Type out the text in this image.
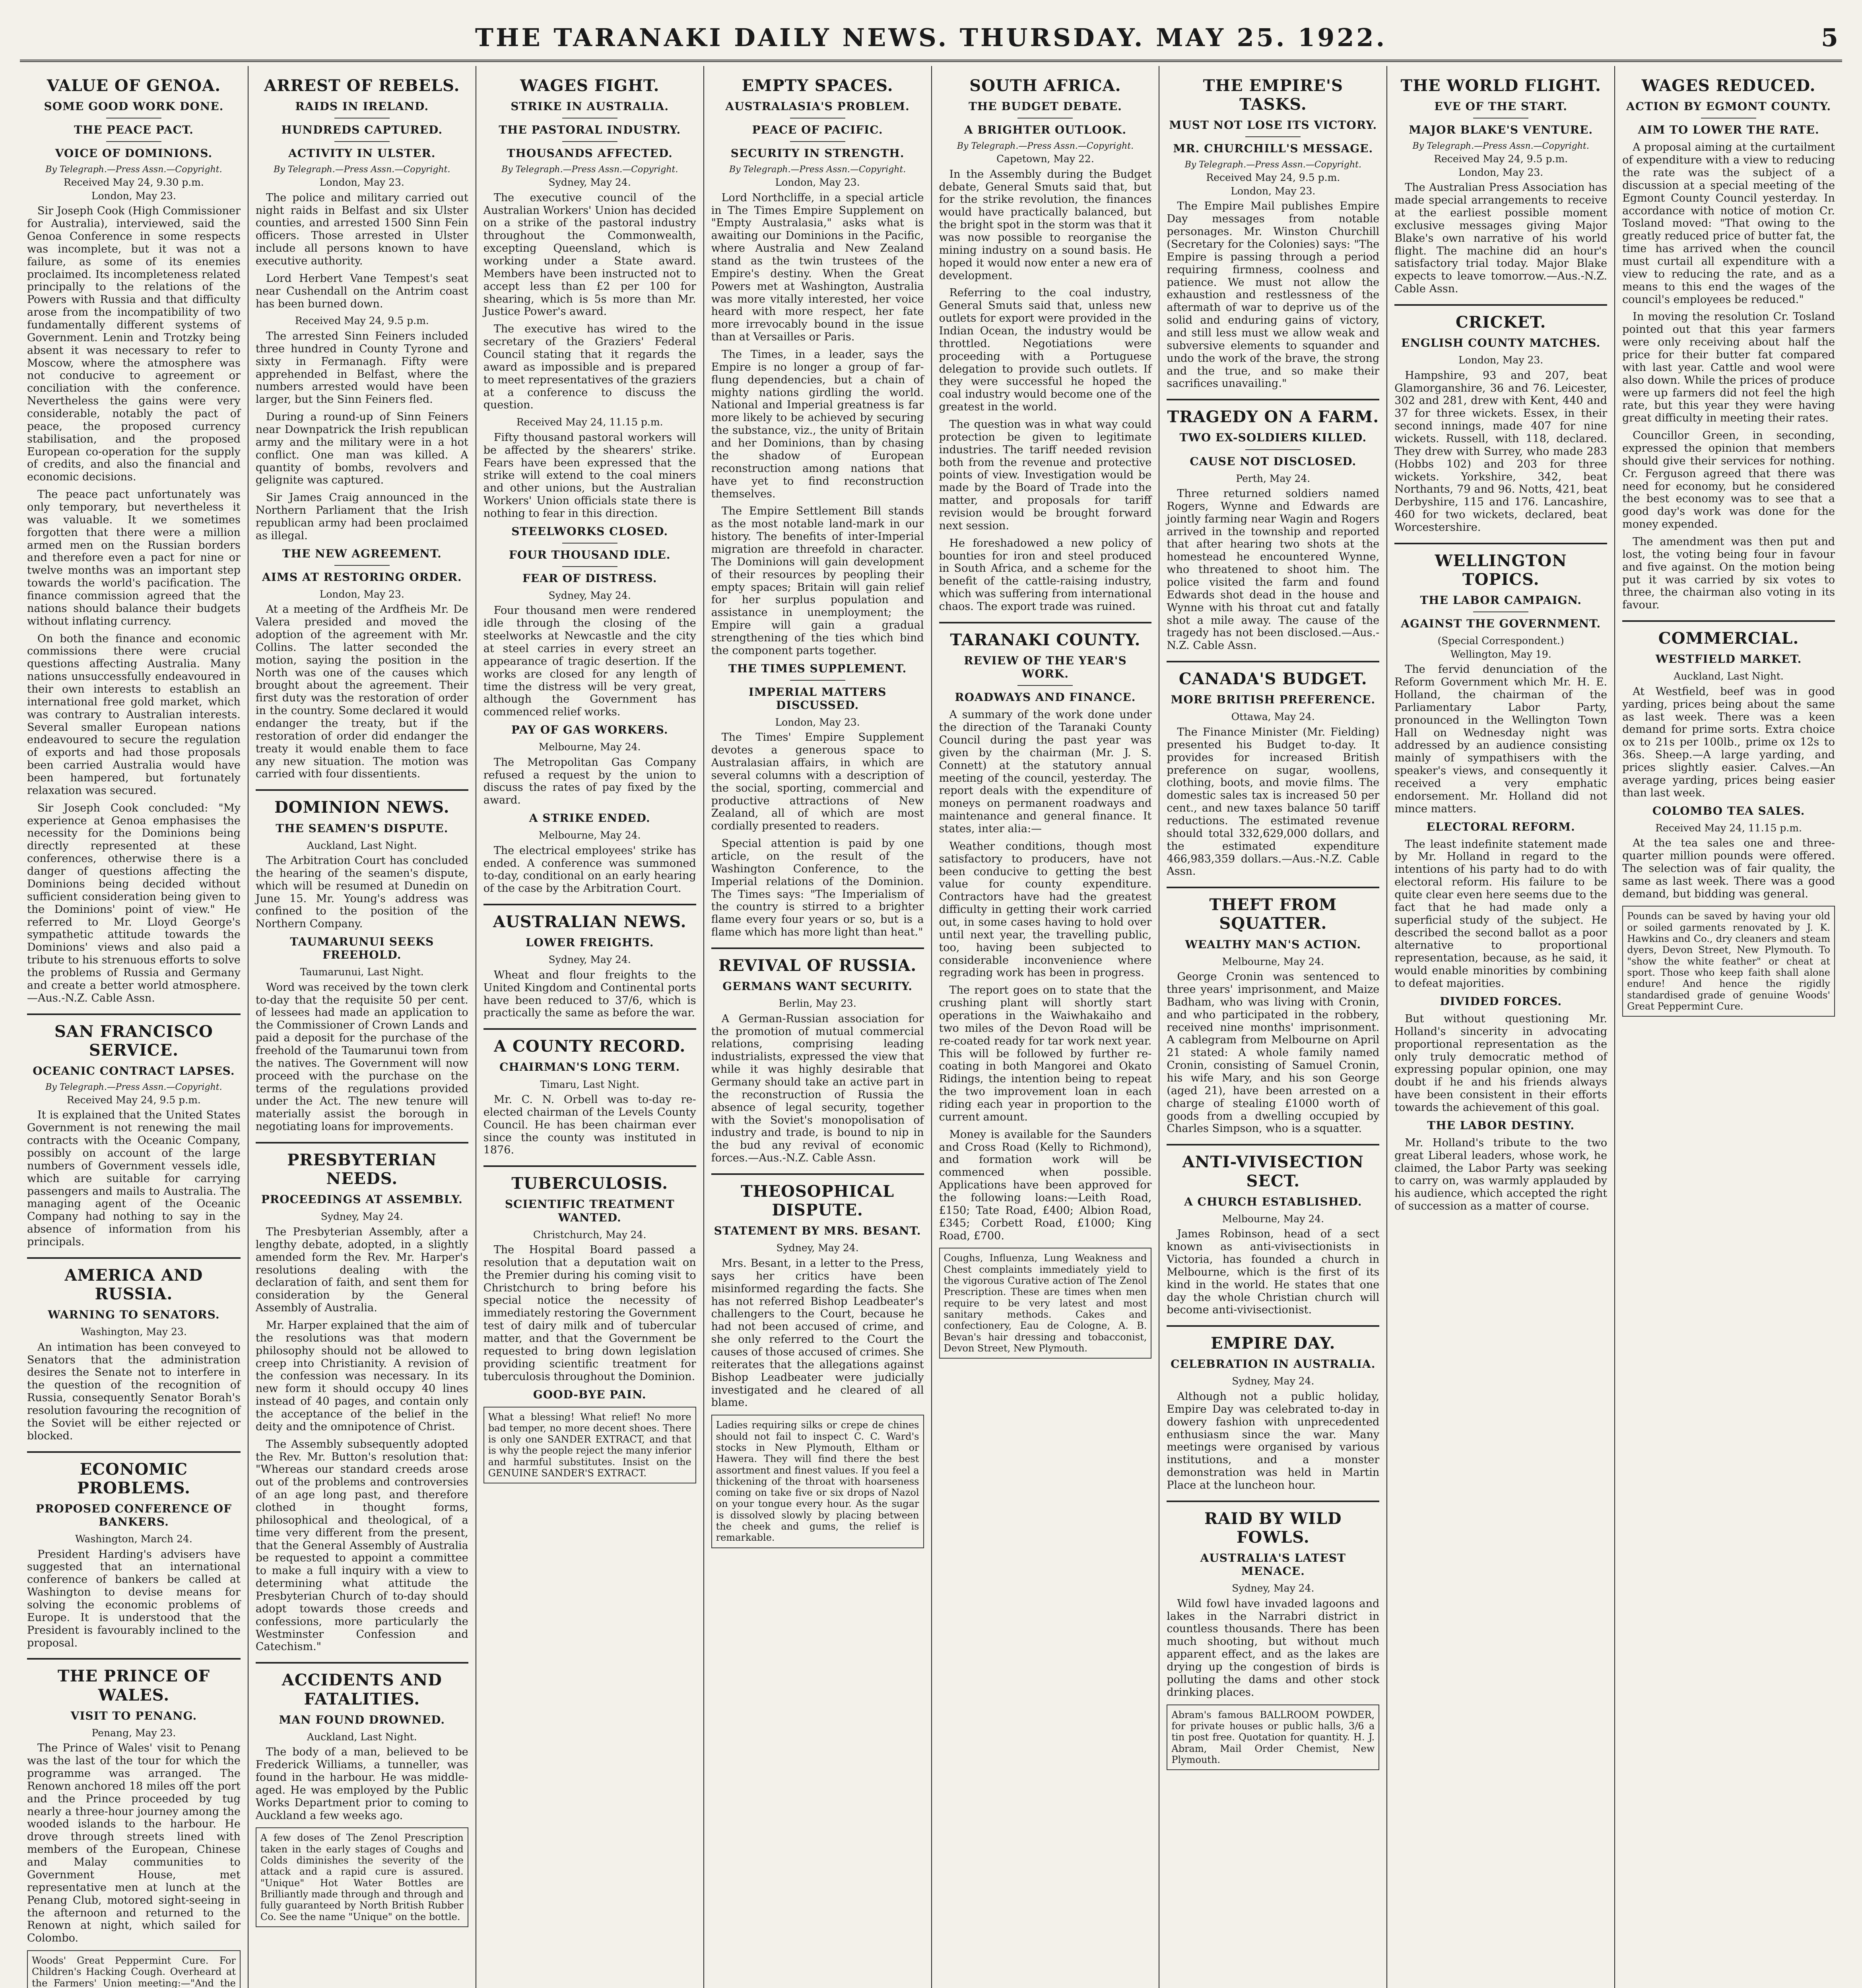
THE TARANAKI DAILY NEWS. THURSDAY. MAY 25. 1922.	5
VALUE OF GENOA.
SOME GOOD WORK DONE.
THE PEACE PACT.
VOICE OF DOMINIONS.
By Telegraph.—Press Assn.—Copyright.
Received May 24, 9.30 p.m.
London, May 23.
Sir Joseph Cook (High Commissioner for Australia), interviewed, said the Genoa Conference in some respects was incomplete, but it was not a failure, as some of its enemies proclaimed. Its incompleteness related principally to the relations of the Powers with Russia and that difficulty arose from the incompatibility of two fundamentally different systems of Government. Lenin and Trotzky being absent it was necessary to refer to Moscow, where the atmosphere was not conducive to agreement or conciliation with the conference. Nevertheless the gains were very considerable, notably the pact of peace, the proposed currency stabilisation, and the proposed European co-operation for the supply of credits, and also the financial and economic decisions.
The peace pact unfortunately was only temporary, but nevertheless it was valuable. It we sometimes forgotten that there were a million armed men on the Russian borders and therefore even a pact for nine or twelve months was an important step towards the world's pacification. The finance commission agreed that the nations should balance their budgets without inflating currency.
On both the finance and economic commissions there were crucial questions affecting Australia. Many nations unsuccessfully endeavoured in their own interests to establish an international free gold market, which was contrary to Australian interests. Several smaller European nations endeavoured to secure the regulation of exports and had those proposals been carried Australia would have been hampered, but fortunately relaxation was secured.
Sir Joseph Cook concluded: "My experience at Genoa emphasises the necessity for the Dominions being directly represented at these conferences, otherwise there is a danger of questions affecting the Dominions being decided without sufficient consideration being given to the Dominions' point of view." He referred to Mr. Lloyd George's sympathetic attitude towards the Dominions' views and also paid a tribute to his strenuous efforts to solve the problems of Russia and Germany and create a better world atmosphere.—Aus.-N.Z. Cable Assn.
SAN FRANCISCO SERVICE.
OCEANIC CONTRACT LAPSES.
By Telegraph.—Press Assn.—Copyright.
Received May 24, 9.5 p.m.
It is explained that the United States Government is not renewing the mail contracts with the Oceanic Company, possibly on account of the large numbers of Government vessels idle, which are suitable for carrying passengers and mails to Australia. The managing agent of the Oceanic Company had nothing to say in the absence of information from his principals.
AMERICA AND RUSSIA.
WARNING TO SENATORS.
Washington, May 23.
An intimation has been conveyed to Senators that the administration desires the Senate not to interfere in the question of the recognition of Russia, consequently Senator Borah's resolution favouring the recognition of the Soviet will be either rejected or blocked.
ECONOMIC PROBLEMS.
PROPOSED CONFERENCE OF BANKERS.
Washington, March 24.
President Harding's advisers have suggested that an international conference of bankers be called at Washington to devise means for solving the economic problems of Europe. It is understood that the President is favourably inclined to the proposal.
THE PRINCE OF WALES.
VISIT TO PENANG.
Penang, May 23.
The Prince of Wales' visit to Penang was the last of the tour for which the programme was arranged. The Renown anchored 18 miles off the port and the Prince proceeded by tug nearly a three-hour journey among the wooded islands to the harbour. He drove through streets lined with members of the European, Chinese and Malay communities to Government House, met representative men at lunch at the Penang Club, motored sight-seeing in the afternoon and returned to the Renown at night, which sailed for Colombo.
Woods' Great Peppermint Cure. For Children's Hacking Cough. Overheard at the Farmers' Union meeting:—"And the
ARREST OF REBELS.
RAIDS IN IRELAND.
HUNDREDS CAPTURED.
ACTIVITY IN ULSTER.
By Telegraph.—Press Assn.—Copyright.
London, May 23.
The police and military carried out night raids in Belfast and six Ulster counties, and arrested 1500 Sinn Fein officers. Those arrested in Ulster include all persons known to have executive authority.
Lord Herbert Vane Tempest's seat near Cushendall on the Antrim coast has been burned down.
Received May 24, 9.5 p.m.
The arrested Sinn Feiners included three hundred in County Tyrone and sixty in Fermanagh. Fifty were apprehended in Belfast, where the numbers arrested would have been larger, but the Sinn Feiners fled.
During a round-up of Sinn Feiners near Downpatrick the Irish republican army and the military were in a hot conflict. One man was killed. A quantity of bombs, revolvers and gelignite was captured.
Sir James Craig announced in the Northern Parliament that the Irish republican army had been proclaimed as illegal.
THE NEW AGREEMENT.
AIMS AT RESTORING ORDER.
London, May 23.
At a meeting of the Ardfheis Mr. De Valera presided and moved the adoption of the agreement with Mr. Collins. The latter seconded the motion, saying the position in the North was one of the causes which brought about the agreement. Their first duty was the restoration of order in the country. Some declared it would endanger the treaty, but if the restoration of order did endanger the treaty it would enable them to face any new situation. The motion was carried with four dissentients.
DOMINION NEWS.
THE SEAMEN'S DISPUTE.
Auckland, Last Night.
The Arbitration Court has concluded the hearing of the seamen's dispute, which will be resumed at Dunedin on June 15. Mr. Young's address was confined to the position of the Northern Company.
TAUMARUNUI SEEKS FREEHOLD.
Taumarunui, Last Night.
Word was received by the town clerk to-day that the requisite 50 per cent. of lessees had made an application to the Commissioner of Crown Lands and paid a deposit for the purchase of the freehold of the Taumarunui town from the natives. The Government will now proceed with the purchase on the terms of the regulations provided under the Act. The new tenure will materially assist the borough in negotiating loans for improvements.
PRESBYTERIAN NEEDS.
PROCEEDINGS AT ASSEMBLY.
Sydney, May 24.
The Presbyterian Assembly, after a lengthy debate, adopted, in a slightly amended form the Rev. Mr. Harper's resolutions dealing with the declaration of faith, and sent them for consideration by the General Assembly of Australia.
Mr. Harper explained that the aim of the resolutions was that modern philosophy should not be allowed to creep into Christianity. A revision of the confession was necessary. In its new form it should occupy 40 lines instead of 40 pages, and contain only the acceptance of the belief in the deity and the omnipotence of Christ.
The Assembly subsequently adopted the Rev. Mr. Button's resolution that: "Whereas our standard creeds arose out of the problems and controversies of an age long past, and therefore clothed in thought forms, philosophical and theological, of a time very different from the present, that the General Assembly of Australia be requested to appoint a committee to make a full inquiry with a view to determining what attitude the Presbyterian Church of to-day should adopt towards those creeds and confessions, more particularly the Westminster Confession and Catechism."
ACCIDENTS AND FATALITIES.
MAN FOUND DROWNED.
Auckland, Last Night.
The body of a man, believed to be Frederick Williams, a tunneller, was found in the harbour. He was middle-aged. He was employed by the Public Works Department prior to coming to Auckland a few weeks ago.
A few doses of The Zenol Prescription taken in the early stages of Coughs and Colds diminishes the severity of the attack and a rapid cure is assured. "Unique" Hot Water Bottles are Brilliantly made through and through and fully guaranteed by North British Rubber Co. See the name "Unique" on the bottle.
WAGES FIGHT.
STRIKE IN AUSTRALIA.
THE PASTORAL INDUSTRY.
THOUSANDS AFFECTED.
By Telegraph.—Press Assn.—Copyright.
Sydney, May 24.
The executive council of the Australian Workers' Union has decided on a strike of the pastoral industry throughout the Commonwealth, excepting Queensland, which is working under a State award. Members have been instructed not to accept less than £2 per 100 for shearing, which is 5s more than Mr. Justice Power's award.
The executive has wired to the secretary of the Graziers' Federal Council stating that it regards the award as impossible and is prepared to meet representatives of the graziers at a conference to discuss the question.
Received May 24, 11.15 p.m.
Fifty thousand pastoral workers will be affected by the shearers' strike. Fears have been expressed that the strike will extend to the coal miners and other unions, but the Australian Workers' Union officials state there is nothing to fear in this direction.
STEELWORKS CLOSED.
FOUR THOUSAND IDLE.
FEAR OF DISTRESS.
Sydney, May 24.
Four thousand men were rendered idle through the closing of the steelworks at Newcastle and the city at steel carries in every street an appearance of tragic desertion. If the works are closed for any length of time the distress will be very great, although the Government has commenced relief works.
PAY OF GAS WORKERS.
Melbourne, May 24.
The Metropolitan Gas Company refused a request by the union to discuss the rates of pay fixed by the award.
A STRIKE ENDED.
Melbourne, May 24.
The electrical employees' strike has ended. A conference was summoned to-day, conditional on an early hearing of the case by the Arbitration Court.
AUSTRALIAN NEWS.
LOWER FREIGHTS.
Sydney, May 24.
Wheat and flour freights to the United Kingdom and Continental ports have been reduced to 37/6, which is practically the same as before the war.
A COUNTY RECORD.
CHAIRMAN'S LONG TERM.
Timaru, Last Night.
Mr. C. N. Orbell was to-day re-elected chairman of the Levels County Council. He has been chairman ever since the county was instituted in 1876.
TUBERCULOSIS.
SCIENTIFIC TREATMENT WANTED.
Christchurch, May 24.
The Hospital Board passed a resolution that a deputation wait on the Premier during his coming visit to Christchurch to bring before his special notice the necessity of immediately restoring the Government test of dairy milk and of tubercular matter, and that the Government be requested to bring down legislation providing scientific treatment for tuberculosis throughout the Dominion.
GOOD-BYE PAIN.
What a blessing! What relief! No more bad temper, no more decent shoes. There is only one SANDER EXTRACT, and that is why the people reject the many inferior and harmful substitutes. Insist on the GENUINE SANDER'S EXTRACT.
EMPTY SPACES.
AUSTRALASIA'S PROBLEM.
PEACE OF PACIFIC.
SECURITY IN STRENGTH.
By Telegraph.—Press Assn.—Copyright.
London, May 23.
Lord Northcliffe, in a special article in The Times Empire Supplement on "Empty Australasia," asks what is awaiting our Dominions in the Pacific, where Australia and New Zealand stand as the twin trustees of the Empire's destiny. When the Great Powers met at Washington, Australia was more vitally interested, her voice heard with more respect, her fate more irrevocably bound in the issue than at Versailles or Paris.
The Times, in a leader, says the Empire is no longer a group of far-flung dependencies, but a chain of mighty nations girdling the world. National and Imperial greatness is far more likely to be achieved by securing the substance, viz., the unity of Britain and her Dominions, than by chasing the shadow of European reconstruction among nations that have yet to find reconstruction themselves.
The Empire Settlement Bill stands as the most notable land-mark in our history. The benefits of inter-Imperial migration are threefold in character. The Dominions will gain development of their resources by peopling their empty spaces; Britain will gain relief for her surplus population and assistance in unemployment; the Empire will gain a gradual strengthening of the ties which bind the component parts together.
THE TIMES SUPPLEMENT.
IMPERIAL MATTERS DISCUSSED.
London, May 23.
The Times' Empire Supplement devotes a generous space to Australasian affairs, in which are several columns with a description of the social, sporting, commercial and productive attractions of New Zealand, all of which are most cordially presented to readers.
Special attention is paid by one article, on the result of the Washington Conference, to the Imperial relations of the Dominion. The Times says: "The Imperialism of the country is stirred to a brighter flame every four years or so, but is a flame which has more light than heat."
REVIVAL OF RUSSIA.
GERMANS WANT SECURITY.
Berlin, May 23.
A German-Russian association for the promotion of mutual commercial relations, comprising leading industrialists, expressed the view that while it was highly desirable that Germany should take an active part in the reconstruction of Russia the absence of legal security, together with the Soviet's monopolisation of industry and trade, is bound to nip in the bud any revival of economic forces.—Aus.-N.Z. Cable Assn.
THEOSOPHICAL DISPUTE.
STATEMENT BY MRS. BESANT.
Sydney, May 24.
Mrs. Besant, in a letter to the Press, says her critics have been misinformed regarding the facts. She has not referred Bishop Leadbeater's challengers to the Court, because he had not been accused of crime, and she only referred to the Court the causes of those accused of crimes. She reiterates that the allegations against Bishop Leadbeater were judicially investigated and he cleared of all blame.
Ladies requiring silks or crepe de chines should not fail to inspect C. C. Ward's stocks in New Plymouth, Eltham or Hawera. They will find there the best assortment and finest values. If you feel a thickening of the throat with hoarseness coming on take five or six drops of Nazol on your tongue every hour. As the sugar is dissolved slowly by placing between the cheek and gums, the relief is remarkable.
SOUTH AFRICA.
THE BUDGET DEBATE.
A BRIGHTER OUTLOOK.
By Telegraph.—Press Assn.—Copyright.
Capetown, May 22.
In the Assembly during the Budget debate, General Smuts said that, but for the strike revolution, the finances would have practically balanced, but the bright spot in the storm was that it was now possible to reorganise the mining industry on a sound basis. He hoped it would now enter a new era of development.
Referring to the coal industry, General Smuts said that, unless new outlets for export were provided in the Indian Ocean, the industry would be throttled. Negotiations were proceeding with a Portuguese delegation to provide such outlets. If they were successful he hoped the coal industry would become one of the greatest in the world.
The question was in what way could protection be given to legitimate industries. The tariff needed revision both from the revenue and protective points of view. Investigation would be made by the Board of Trade into the matter, and proposals for tariff revision would be brought forward next session.
He foreshadowed a new policy of bounties for iron and steel produced in South Africa, and a scheme for the benefit of the cattle-raising industry, which was suffering from international chaos. The export trade was ruined.
TARANAKI COUNTY.
REVIEW OF THE YEAR'S WORK.
ROADWAYS AND FINANCE.
A summary of the work done under the direction of the Taranaki County Council during the past year was given by the chairman (Mr. J. S. Connett) at the statutory annual meeting of the council, yesterday. The report deals with the expenditure of moneys on permanent roadways and maintenance and general finance. It states, inter alia:—
Weather conditions, though most satisfactory to producers, have not been conducive to getting the best value for county expenditure. Contractors have had the greatest difficulty in getting their work carried out, in some cases having to hold over until next year, the travelling public, too, having been subjected to considerable inconvenience where regrading work has been in progress.
The report goes on to state that the crushing plant will shortly start operations in the Waiwhakaiho and two miles of the Devon Road will be re-coated ready for tar work next year. This will be followed by further re-coating in both Mangorei and Okato Ridings, the intention being to repeat the two improvement loan in each riding each year in proportion to the current amount.
Money is available for the Saunders and Cross Road (Kelly to Richmond), and formation work will be commenced when possible. Applications have been approved for the following loans:—Leith Road, £150; Tate Road, £400; Albion Road, £345; Corbett Road, £1000; King Road, £700.
Coughs, Influenza, Lung Weakness and Chest complaints immediately yield to the vigorous Curative action of The Zenol Prescription. These are times when men require to be very latest and most sanitary methods. Cakes and confectionery, Eau de Cologne, A. B. Bevan's hair dressing and tobacconist, Devon Street, New Plymouth.
THE EMPIRE'S TASKS.
MUST NOT LOSE ITS VICTORY.
MR. CHURCHILL'S MESSAGE.
By Telegraph.—Press Assn.—Copyright.
Received May 24, 9.5 p.m.
London, May 23.
The Empire Mail publishes Empire Day messages from notable personages. Mr. Winston Churchill (Secretary for the Colonies) says: "The Empire is passing through a period requiring firmness, coolness and patience. We must not allow the exhaustion and restlessness of the aftermath of war to deprive us of the solid and enduring gains of victory, and still less must we allow weak and subversive elements to squander and undo the work of the brave, the strong and the true, and so make their sacrifices unavailing."
TRAGEDY ON A FARM.
TWO EX-SOLDIERS KILLED.
CAUSE NOT DISCLOSED.
Perth, May 24.
Three returned soldiers named Rogers, Wynne and Edwards are jointly farming near Wagin and Rogers arrived in the township and reported that after hearing two shots at the homestead he encountered Wynne, who threatened to shoot him. The police visited the farm and found Edwards shot dead in the house and Wynne with his throat cut and fatally shot a mile away. The cause of the tragedy has not been disclosed.—Aus.-N.Z. Cable Assn.
CANADA'S BUDGET.
MORE BRITISH PREFERENCE.
Ottawa, May 24.
The Finance Minister (Mr. Fielding) presented his Budget to-day. It provides for increased British preference on sugar, woollens, clothing, boots, and movie films. The domestic sales tax is increased 50 per cent., and new taxes balance 50 tariff reductions. The estimated revenue should total 332,629,000 dollars, and the estimated expenditure 466,983,359 dollars.—Aus.-N.Z. Cable Assn.
THEFT FROM SQUATTER.
WEALTHY MAN'S ACTION.
Melbourne, May 24.
George Cronin was sentenced to three years' imprisonment, and Maize Badham, who was living with Cronin, and who participated in the robbery, received nine months' imprisonment. A cablegram from Melbourne on April 21 stated: A whole family named Cronin, consisting of Samuel Cronin, his wife Mary, and his son George (aged 21), have been arrested on a charge of stealing £1000 worth of goods from a dwelling occupied by Charles Simpson, who is a squatter.
ANTI-VIVISECTION SECT.
A CHURCH ESTABLISHED.
Melbourne, May 24.
James Robinson, head of a sect known as anti-vivisectionists in Victoria, has founded a church in Melbourne, which is the first of its kind in the world. He states that one day the whole Christian church will become anti-vivisectionist.
EMPIRE DAY.
CELEBRATION IN AUSTRALIA.
Sydney, May 24.
Although not a public holiday, Empire Day was celebrated to-day in dowery fashion with unprecedented enthusiasm since the war. Many meetings were organised by various institutions, and a monster demonstration was held in Martin Place at the luncheon hour.
RAID BY WILD FOWLS.
AUSTRALIA'S LATEST MENACE.
Sydney, May 24.
Wild fowl have invaded lagoons and lakes in the Narrabri district in countless thousands. There has been much shooting, but without much apparent effect, and as the lakes are drying up the congestion of birds is polluting the dams and other stock drinking places.
Abram's famous BALLROOM POWDER, for private houses or public halls, 3/6 a tin post free. Quotation for quantity. H. J. Abram, Mail Order Chemist, New Plymouth.
THE WORLD FLIGHT.
EVE OF THE START.
MAJOR BLAKE'S VENTURE.
By Telegraph.—Press Assn.—Copyright.
Received May 24, 9.5 p.m.
London, May 23.
The Australian Press Association has made special arrangements to receive at the earliest possible moment exclusive messages giving Major Blake's own narrative of his world flight. The machine did an hour's satisfactory trial today. Major Blake expects to leave tomorrow.—Aus.-N.Z. Cable Assn.
CRICKET.
ENGLISH COUNTY MATCHES.
London, May 23.
Hampshire, 93 and 207, beat Glamorganshire, 36 and 76. Leicester, 302 and 281, drew with Kent, 440 and 37 for three wickets. Essex, in their second innings, made 407 for nine wickets. Russell, with 118, declared. They drew with Surrey, who made 283 (Hobbs 102) and 203 for three wickets. Yorkshire, 342, beat Northants, 79 and 96. Notts, 421, beat Derbyshire, 115 and 176. Lancashire, 460 for two wickets, declared, beat Worcestershire.
WELLINGTON TOPICS.
THE LABOR CAMPAIGN.
AGAINST THE GOVERNMENT.
(Special Correspondent.)
Wellington, May 19.
The fervid denunciation of the Reform Government which Mr. H. E. Holland, the chairman of the Parliamentary Labor Party, pronounced in the Wellington Town Hall on Wednesday night was addressed by an audience consisting mainly of sympathisers with the speaker's views, and consequently it received a very emphatic endorsement. Mr. Holland did not mince matters.
ELECTORAL REFORM.
The least indefinite statement made by Mr. Holland in regard to the intentions of his party had to do with electoral reform. His failure to be quite clear even here seems due to the fact that he had made only a superficial study of the subject. He described the second ballot as a poor alternative to proportional representation, because, as he said, it would enable minorities by combining to defeat majorities.
DIVIDED FORCES.
But without questioning Mr. Holland's sincerity in advocating proportional representation as the only truly democratic method of expressing popular opinion, one may doubt if he and his friends always have been consistent in their efforts towards the achievement of this goal.
THE LABOR DESTINY.
Mr. Holland's tribute to the two great Liberal leaders, whose work, he claimed, the Labor Party was seeking to carry on, was warmly applauded by his audience, which accepted the right of succession as a matter of course.
WAGES REDUCED.
ACTION BY EGMONT COUNTY.
AIM TO LOWER THE RATE.
A proposal aiming at the curtailment of expenditure with a view to reducing the rate was the subject of a discussion at a special meeting of the Egmont County Council yesterday. In accordance with notice of motion Cr. Tosland moved: "That owing to the greatly reduced price of butter fat, the time has arrived when the council must curtail all expenditure with a view to reducing the rate, and as a means to this end the wages of the council's employees be reduced."
In moving the resolution Cr. Tosland pointed out that this year farmers were only receiving about half the price for their butter fat compared with last year. Cattle and wool were also down. While the prices of produce were up farmers did not feel the high rate, but this year they were having great difficulty in meeting their rates.
Councillor Green, in seconding, expressed the opinion that members should give their services for nothing. Cr. Ferguson agreed that there was need for economy, but he considered the best economy was to see that a good day's work was done for the money expended.
The amendment was then put and lost, the voting being four in favour and five against. On the motion being put it was carried by six votes to three, the chairman also voting in its favour.
COMMERCIAL.
WESTFIELD MARKET.
Auckland, Last Night.
At Westfield, beef was in good yarding, prices being about the same as last week. There was a keen demand for prime sorts. Extra choice ox to 21s per 100lb., prime ox 12s to 36s. Sheep.—A large yarding, and prices slightly easier. Calves.—An average yarding, prices being easier than last week.
COLOMBO TEA SALES.
Received May 24, 11.15 p.m.
At the tea sales one and three-quarter million pounds were offered. The selection was of fair quality, the same as last week. There was a good demand, but bidding was general.
Pounds can be saved by having your old or soiled garments renovated by J. K. Hawkins and Co., dry cleaners and steam dyers, Devon Street, New Plymouth. To "show the white feather" or cheat at sport. Those who keep faith shall alone endure! And hence the rigidly standardised grade of genuine Woods' Great Peppermint Cure.
